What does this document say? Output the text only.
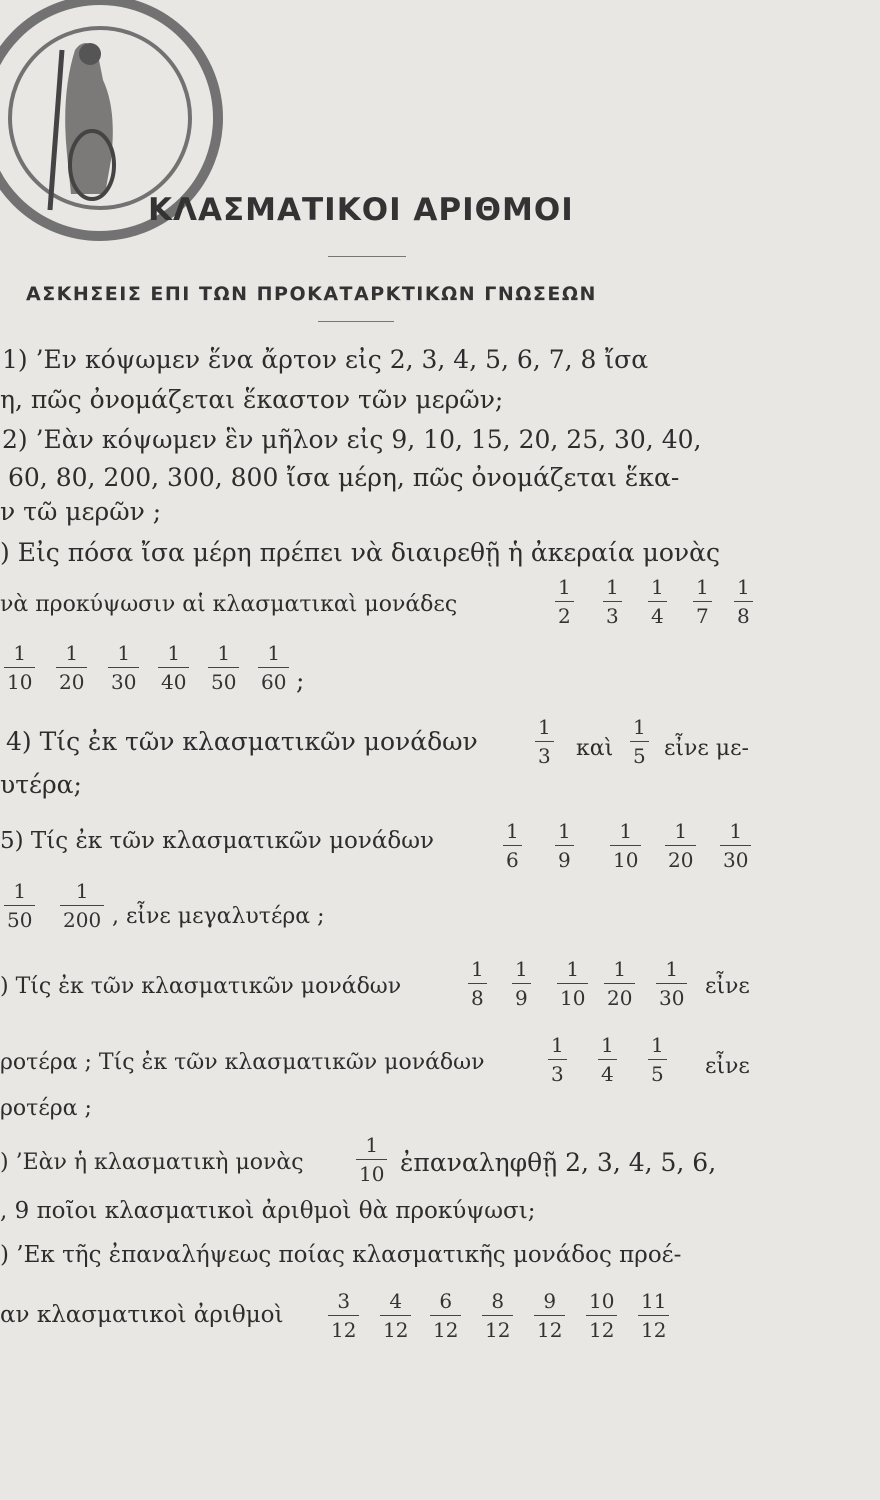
ΚΛΑΣΜΑΤΙΚΟΙ ΑΡΙΘΜΟΙ
ΑΣΚΗΣΕΙΣ ΕΠΙ ΤΩΝ ΠΡΟΚΑΤΑΡΚΤΙΚΩΝ ΓΝΩΣΕΩΝ
1) ’Εν κόψωμεν ἕνα ἄρτον εἰς 2, 3, 4, 5, 6, 7, 8 ἴσα
η, πῶς ὀνομάζεται ἕκαστον τῶν μερῶν;
2) ’Εὰν κόψωμεν ἓν μῆλον εἰς 9, 10, 15, 20, 25, 30, 40,
60, 80, 200, 300, 800 ἴσα μέρη, πῶς ὀνομάζεται ἕκα-
ν τῶ μερῶν ;
) Εἰς πόσα ἴσα μέρη πρέπει νὰ διαιρεθῇ ἡ ἀκεραία μονὰς
νὰ προκύψωσιν αἱ κλασματικαὶ μονάδες
;
4) Τίς ἐκ τῶν κλασματικῶν μονάδων	καὶ εἶνε με-
υτέρα;
5) Τίς ἐκ τῶν κλασματικῶν μονάδων
, εἶνε μεγαλυτέρα ;
) Τίς ἐκ τῶν κλασματικῶν μονάδων	εἶνε
ροτέρα ; Τίς ἐκ τῶν κλασματικῶν μονάδων	εἶνε
ροτέρα ;
) ’Εὰν ἡ κλασματικὴ μονὰς	ἐπαναληφθῇ 2, 3, 4, 5, 6,
, 9 ποῖοι κλασματικοὶ ἀριθμοὶ θὰ προκύψωσι;
) ’Εκ τῆς ἐπαναλήψεως ποίας κλασματικῆς μονάδος προέ-
αν κλασματικοὶ ἀριθμοὶ
1
2
1
3
1
4
1
7
1
8
1
10
1
20
1
30
1
40
1
50
1
60
1
3
1
5
1
6
1
9
1
10
1
20
1
30
1
50
1
200
1
8
1
9
1
10
1
20
1
30
1
3
1
4
1
5
1
10
3
12
4
12
6
12
8
12
9
12
10
12
11
12
